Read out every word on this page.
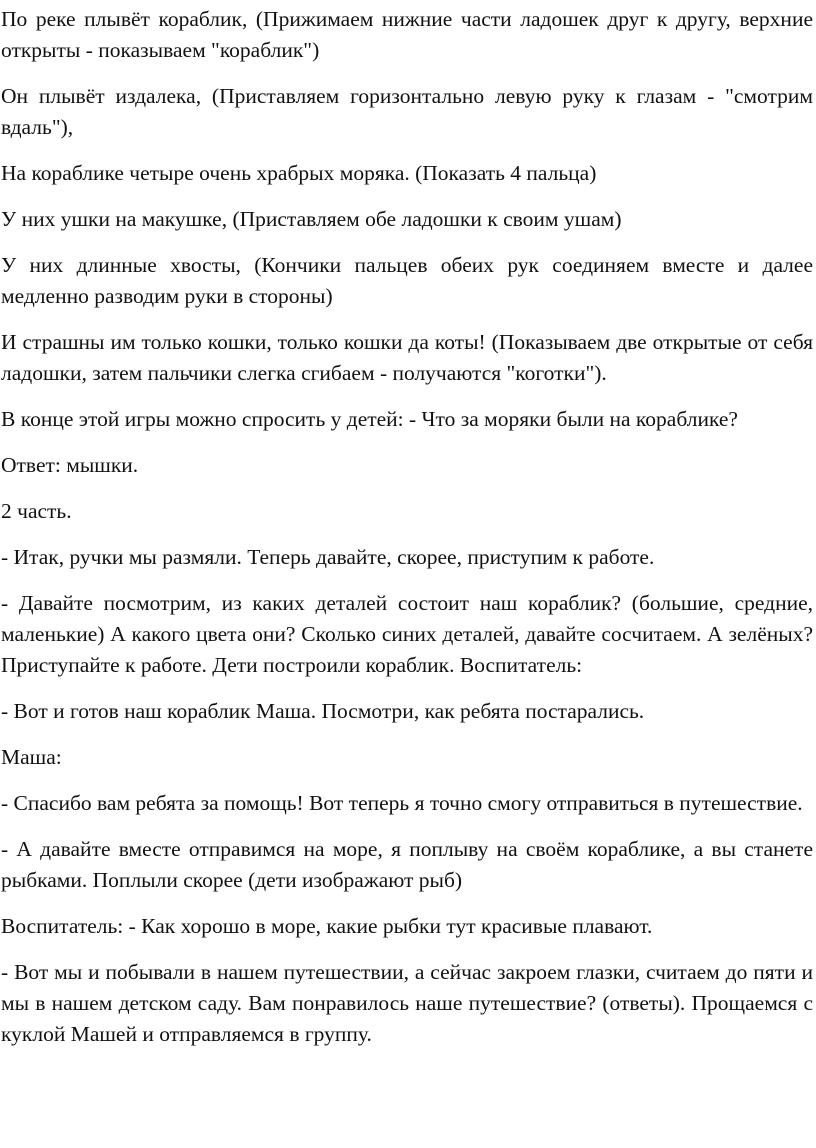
По реке плывёт кораблик, (Прижимаем нижние части ладошек друг к другу, верхние открыты - показываем "кораблик")

Он плывёт издалека, (Приставляем горизонтально левую руку к глазам - "смотрим вдаль"),

На кораблике четыре очень храбрых моряка. (Показать 4 пальца)

У них ушки на макушке, (Приставляем обе ладошки к своим ушам)

У них длинные хвосты, (Кончики пальцев обеих рук соединяем вместе и далее медленно разводим руки в стороны)

И страшны им только кошки, только кошки да коты! (Показываем две открытые от себя ладошки, затем пальчики слегка сгибаем - получаются "коготки").

В конце этой игры можно спросить у детей: - Что за моряки были на кораблике?

Ответ: мышки.

2 часть.

- Итак, ручки мы размяли. Теперь давайте, скорее, приступим к работе.

- Давайте посмотрим, из каких деталей состоит наш кораблик? (большие, средние, маленькие) А какого цвета они? Сколько синих деталей, давайте сосчитаем. А зелёных? Приступайте к работе. Дети построили кораблик. Воспитатель:

- Вот и готов наш кораблик Маша. Посмотри, как ребята постарались.

Маша:

- Спасибо вам ребята за помощь! Вот теперь я точно смогу отправиться в путешествие.

- А давайте вместе отправимся на море, я поплыву на своём кораблике, а вы станете рыбками. Поплыли скорее (дети изображают рыб)

Воспитатель: - Как хорошо в море, какие рыбки тут красивые плавают.

- Вот мы и побывали в нашем путешествии, а сейчас закроем глазки, считаем до пяти и мы в нашем детском саду. Вам понравилось наше путешествие? (ответы). Прощаемся с куклой Машей и отправляемся в группу.
